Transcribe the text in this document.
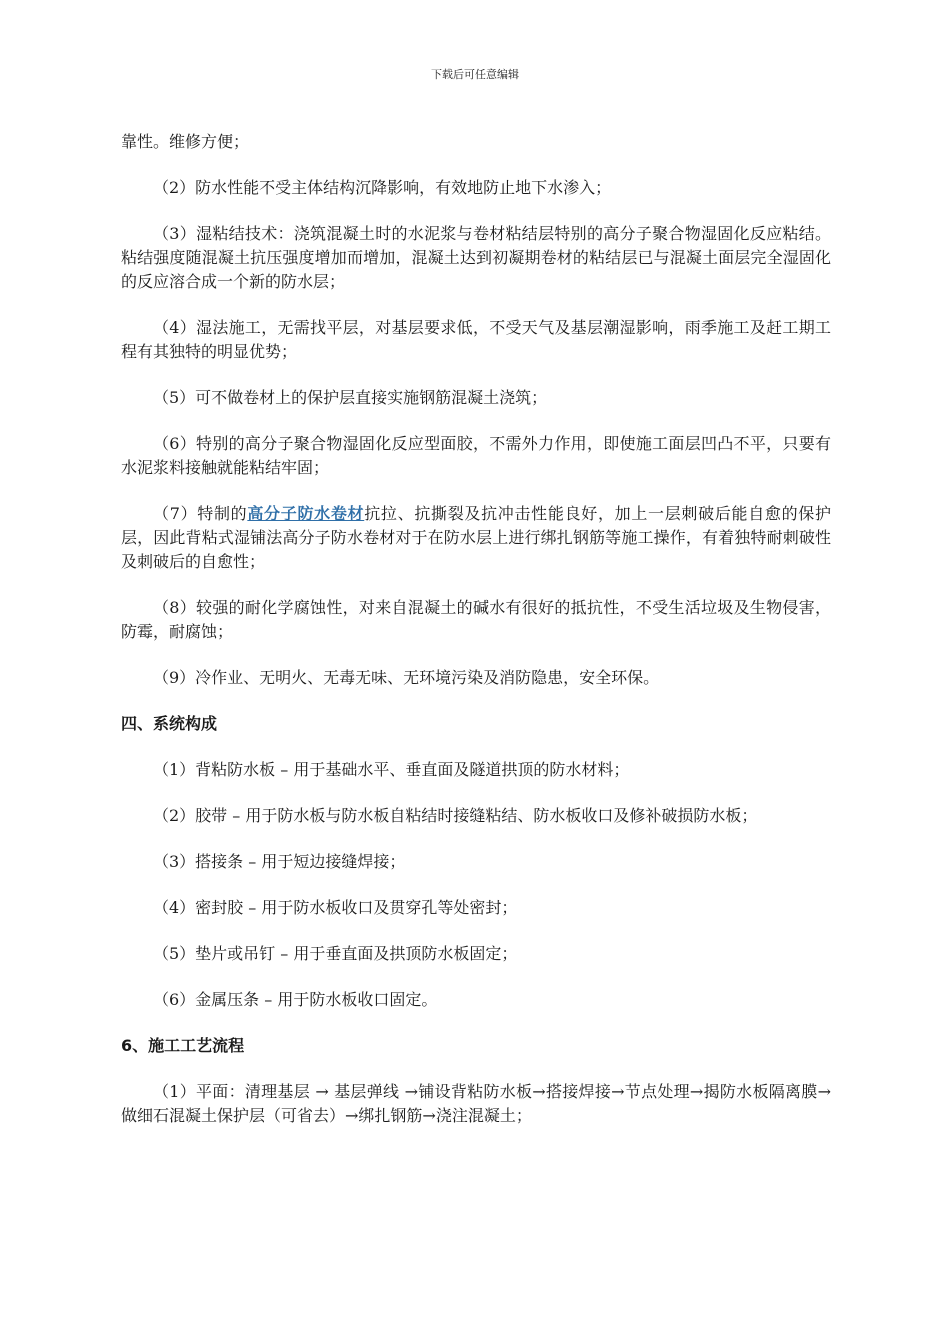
下载后可任意编辑

靠性。维修方便；

（2）防水性能不受主体结构沉降影响，有效地防止地下水渗入；

（3）湿粘结技术：浇筑混凝土时的水泥浆与卷材粘结层特别的高分子聚合物湿固化反应粘结。粘结强度随混凝土抗压强度增加而增加，混凝土达到初凝期卷材的粘结层已与混凝土面层完全湿固化的反应溶合成一个新的防水层；

（4）湿法施工，无需找平层，对基层要求低，不受天气及基层潮湿影响，雨季施工及赶工期工程有其独特的明显优势；

（5）可不做卷材上的保护层直接实施钢筋混凝土浇筑；

（6）特别的高分子聚合物湿固化反应型面胶，不需外力作用，即使施工面层凹凸不平，只要有水泥浆料接触就能粘结牢固；

（7）特制的高分子防水卷材抗拉、抗撕裂及抗冲击性能良好，加上一层刺破后能自愈的保护层，因此背粘式湿铺法高分子防水卷材对于在防水层上进行绑扎钢筋等施工操作，有着独特耐刺破性及刺破后的自愈性；

（8）较强的耐化学腐蚀性，对来自混凝土的碱水有很好的抵抗性，不受生活垃圾及生物侵害，防霉，耐腐蚀；

（9）冷作业、无明火、无毒无味、无环境污染及消防隐患，安全环保。

四、系统构成

（1）背粘防水板 – 用于基础水平、垂直面及隧道拱顶的防水材料；

（2）胶带 – 用于防水板与防水板自粘结时接缝粘结、防水板收口及修补破损防水板；

（3）搭接条 – 用于短边接缝焊接；

（4）密封胶 – 用于防水板收口及贯穿孔等处密封；

（5）垫片或吊钉 – 用于垂直面及拱顶防水板固定；

（6）金属压条 – 用于防水板收口固定。

6、施工工艺流程

（1）平面：清理基层 → 基层弹线 →铺设背粘防水板→搭接焊接→节点处理→揭防水板隔离膜→做细石混凝土保护层（可省去）→绑扎钢筋→浇注混凝土；
